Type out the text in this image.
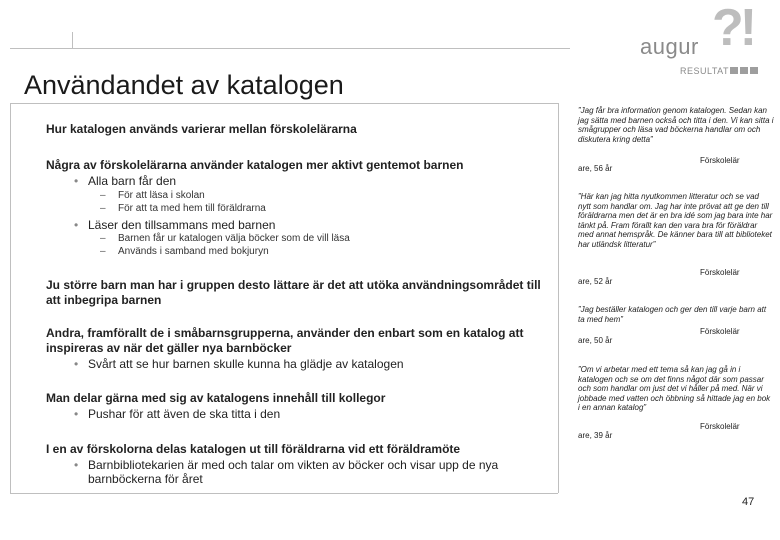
?!
augur
RESULTAT
Användandet av katalogen
Hur katalogen används varierar mellan förskolelärarna
Några av förskolelärarna använder katalogen mer aktivt gentemot barnen
• Alla barn får den
– För att läsa i skolan
– För att ta med hem till föräldrarna
• Läser den tillsammans med barnen
– Barnen får ur katalogen välja böcker som de vill läsa
– Används i samband med bokjuryn
Ju större barn man har i gruppen desto lättare är det att utöka användningsområdet till att inbegripa barnen
Andra, framförallt de i småbarnsgrupperna, använder den enbart som en katalog att inspireras av när det gäller nya barnböcker
• Svårt att se hur barnen skulle kunna ha glädje av katalogen
Man delar gärna med sig av katalogens innehåll till kollegor
• Pushar för att även de ska titta i den
I en av förskolorna delas katalogen ut till föräldrarna vid ett föräldramöte
• Barnbibliotekarien är med och talar om vikten av böcker och visar upp de nya barnböckerna för året
”Jag får bra information genom katalogen. Sedan kan jag sätta med barnen också och titta i den. Vi kan sitta i smågrupper och läsa vad böckerna handlar om och diskutera kring detta”
Förskolelär
are, 56 år
”Här kan jag hitta nyutkommen litteratur och se vad nytt som handlar om. Jag har inte prövat att ge den till föräldrarna men det är en bra idé som jag bara inte har tänkt på. Fram förallt kan den vara bra för föräldrar med annat hemspråk. De känner bara till att biblioteket har utländsk litteratur”
Förskolelär
are, 52 år
”Jag beställer katalogen och ger den till varje barn att ta med hem”
Förskolelär
are, 50 år
”Om vi arbetar med ett tema så kan jag gå in i katalogen och se om det finns något där som passar och som handlar om just det vi håller på med. När vi jobbade med vatten och öbbning så hittade jag en bok i en annan katalog”
Förskolelär
are, 39 år
47
